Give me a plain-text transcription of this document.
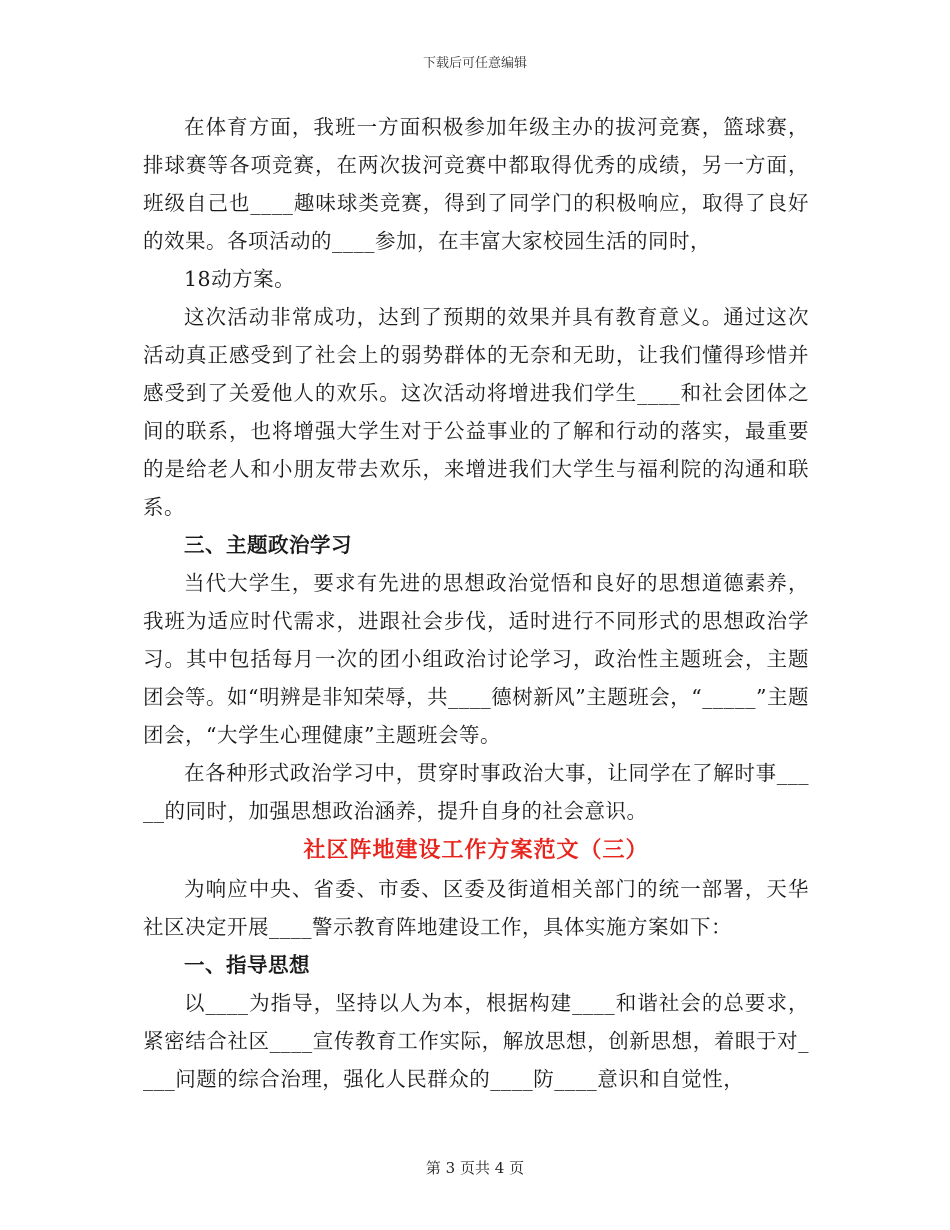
下载后可任意编辑

在体育方面，我班一方面积极参加年级主办的拔河竞赛，篮球赛，排球赛等各项竞赛，在两次拔河竞赛中都取得优秀的成绩，另一方面，班级自己也____趣味球类竞赛，得到了同学门的积极响应，取得了良好的效果。各项活动的____参加，在丰富大家校园生活的同时，

18动方案。

这次活动非常成功，达到了预期的效果并具有教育意义。通过这次活动真正感受到了社会上的弱势群体的无奈和无助，让我们懂得珍惜并感受到了关爱他人的欢乐。这次活动将增进我们学生____和社会团体之间的联系，也将增强大学生对于公益事业的了解和行动的落实，最重要的是给老人和小朋友带去欢乐，来增进我们大学生与福利院的沟通和联系。

三、主题政治学习

当代大学生，要求有先进的思想政治觉悟和良好的思想道德素养，我班为适应时代需求，进跟社会步伐，适时进行不同形式的思想政治学习。其中包括每月一次的团小组政治讨论学习，政治性主题班会，主题团会等。如“明辨是非知荣辱，共____德树新风”主题班会，“_____”主题团会，“大学生心理健康”主题班会等。

在各种形式政治学习中，贯穿时事政治大事，让同学在了解时事_____的同时，加强思想政治涵养，提升自身的社会意识。

社区阵地建设工作方案范文（三）

为响应中央、省委、市委、区委及街道相关部门的统一部署，天华社区决定开展____警示教育阵地建设工作，具体实施方案如下：

一、指导思想

以____为指导，坚持以人为本，根据构建____和谐社会的总要求，紧密结合社区____宣传教育工作实际，解放思想，创新思想，着眼于对____问题的综合治理，强化人民群众的____防____意识和自觉性，

第 3 页共 4 页
